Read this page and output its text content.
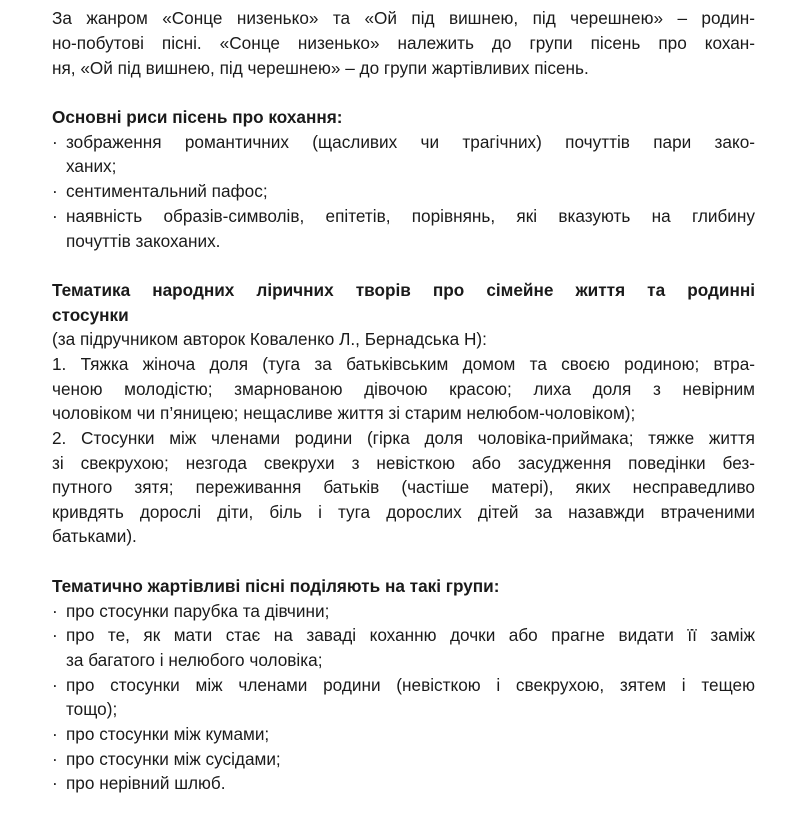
За жанром «Сонце низенько» та «Ой під вишнею, під черешнею» – родин-
но-побутові пісні. «Сонце низенько» належить до групи пісень про кохан-
ня, «Ой під вишнею, під черешнею» – до групи жартівливих пісень.
Основні риси пісень про кохання:
· зображення романтичних (щасливих чи трагічних) почуттів пари зако-
ханих;
· сентиментальний пафос;
· наявність образів-символів, епітетів, порівнянь, які вказують на глибину
почуттів закоханих.
Тематика народних ліричних творів про сімейне життя та родинні
стосунки
(за підручником авторок Коваленко Л., Бернадська Н):
1. Тяжка жіноча доля (туга за батьківським домом та своєю родиною; втра-
ченою молодістю; змарнованою дівочою красою; лиха доля з невірним
чоловіком чи п’яницею; нещасливе життя зі старим нелюбом-чоловіком);
2. Стосунки між членами родини (гірка доля чоловіка-приймака; тяжке життя
зі свекрухою; незгода свекрухи з невісткою або засудження поведінки без-
путного зятя; переживання батьків (частіше матері), яких несправедливо
кривдять дорослі діти, біль і туга дорослих дітей за назавжди втраченими
батьками).
Тематично жартівливі пісні поділяють на такі групи:
· про стосунки парубка та дівчини;
· про те, як мати стає на заваді коханню дочки або прагне видати її заміж
за багатого і нелюбого чоловіка;
· про стосунки між членами родини (невісткою і свекрухою, зятем і тещею
тощо);
· про стосунки між кумами;
· про стосунки між сусідами;
· про нерівний шлюб.
